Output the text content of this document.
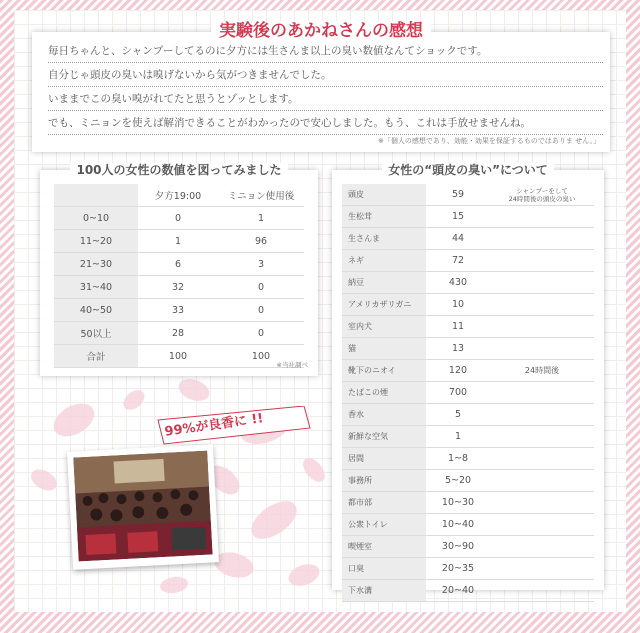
実験後のあかねさんの感想
毎日ちゃんと、シャンプーしてるのに夕方には生さんま以上の臭い数値なんてショックです。
自分じゃ頭皮の臭いは嗅げないから気がつきませんでした。
いままでこの臭い嗅がれてたと思うとゾッとします。
でも、ミニョンを使えば解消できることがわかったので安心しました。もう、これは手放せませんね。
※「個人の感想であり、効能・効果を保証するものではありま せん。」
100人の女性の数値を図ってみました
	夕方19:00	ミニョン使用後
0~10	0	1
11~20	1	96
21~30	6	3
31~40	32	0
40~50	33	0
50以上	28	0
合計	100	100
※当社調べ
女性の“頭皮の臭い”について
頭皮	59	シャンプーをして
24時間後の頭皮の臭い
生松茸	15	
生さんま	44	
ネギ	72	
納豆	430	
アメリカザリガニ	10	
室内犬	11	
猫	13	
靴下のニオイ	120	24時間後
たばこの煙	700	
香水	5	
新鮮な空気	1	
居間	1~8	
事務所	5~20	
都市部	10~30	
公衆トイレ	10~40	
喫煙室	30~90	
口臭	20~35	
下水溝	20~40	
99%が良香に !!
